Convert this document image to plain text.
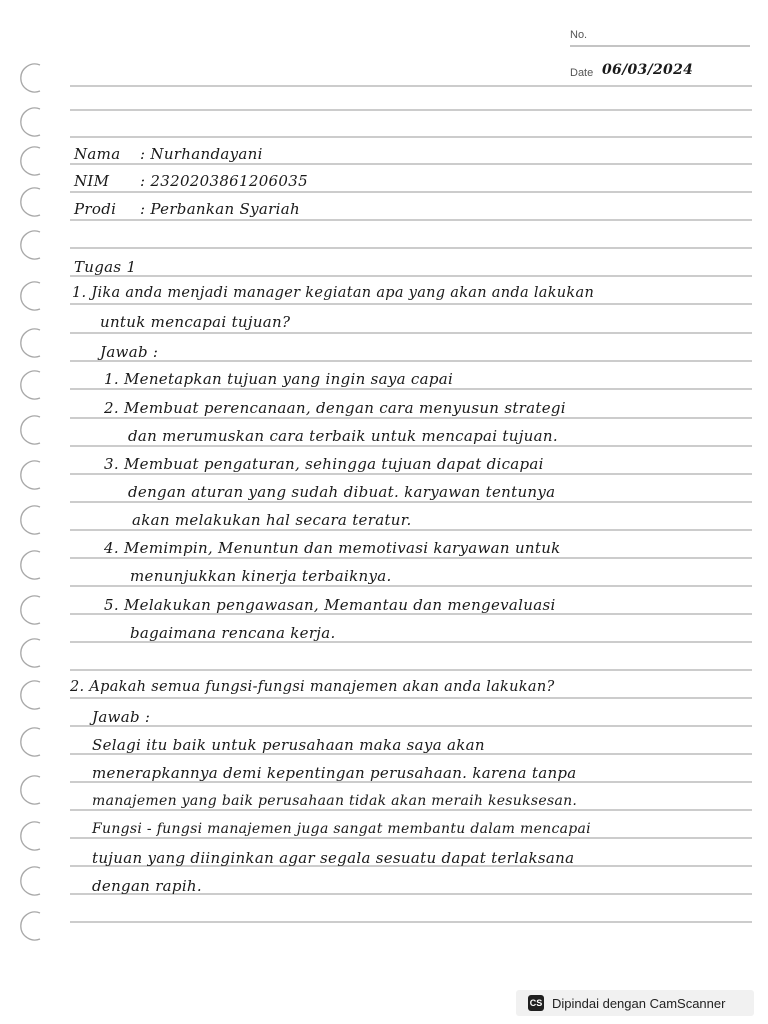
No.
Date 06/03/2024
Nama : Nurhandayani
NIM : 2320203861206035
Prodi : Perbankan Syariah
Tugas 1
1. Jika anda menjadi manager kegiatan apa yang akan anda lakukan
untuk mencapai tujuan?
Jawab :
1. Menetapkan tujuan yang ingin saya capai
2. Membuat perencanaan, dengan cara menyusun strategi
dan merumuskan cara terbaik untuk mencapai tujuan.
3. Membuat pengaturan, sehingga tujuan dapat dicapai
dengan aturan yang sudah dibuat. karyawan tentunya
akan melakukan hal secara teratur.
4. Memimpin, Menuntun dan memotivasi karyawan untuk
menunjukkan kinerja terbaiknya.
5. Melakukan pengawasan, Memantau dan mengevaluasi
bagaimana rencana kerja.
2. Apakah semua fungsi-fungsi manajemen akan anda lakukan?
Jawab :
Selagi itu baik untuk perusahaan maka saya akan
menerapkannya demi kepentingan perusahaan. karena tanpa
manajemen yang baik perusahaan tidak akan meraih kesuksesan.
Fungsi - fungsi manajemen juga sangat membantu dalam mencapai
tujuan yang diinginkan agar segala sesuatu dapat terlaksana
dengan rapih.
CS Dipindai dengan CamScanner
